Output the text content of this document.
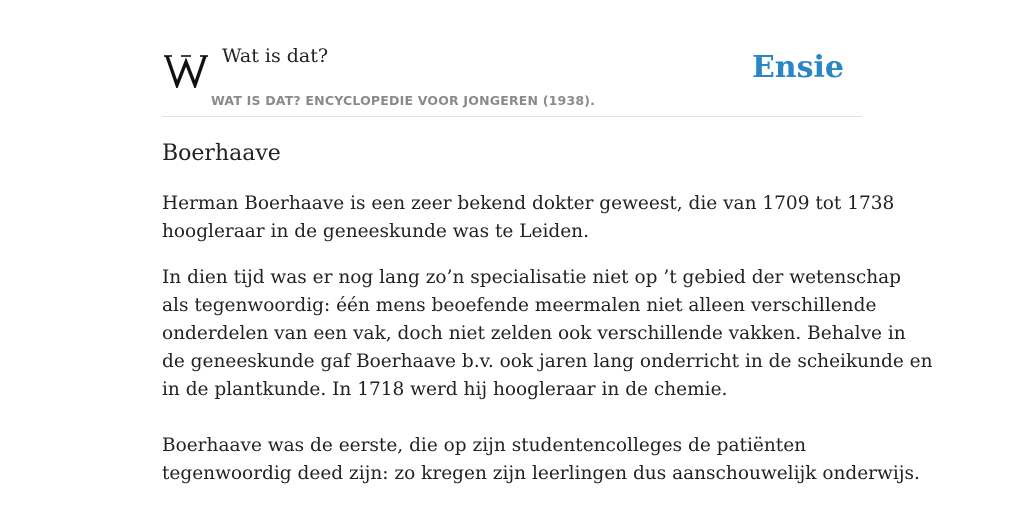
Wat is dat?
WAT IS DAT? ENCYCLOPEDIE VOOR JONGEREN (1938).
Ensie
Boerhaave

Herman Boerhaave is een zeer bekend dokter geweest, die van 1709 tot 1738
hoogleraar in de geneeskunde was te Leiden.

In dien tijd was er nog lang zo’n specialisatie niet op ’t gebied der wetenschap
als tegenwoordig: één mens beoefende meermalen niet alleen verschillende
onderdelen van een vak, doch niet zelden ook verschillende vakken. Behalve in
de geneeskunde gaf Boerhaave b.v. ook jaren lang onderricht in de scheikunde en
in de plantkunde. In 1718 werd hij hoogleraar in de chemie.
Boerhaave was de eerste, die op zijn studentencolleges de patiënten
tegenwoordig deed zijn: zo kregen zijn leerlingen dus aanschouwelijk onderwijs.
